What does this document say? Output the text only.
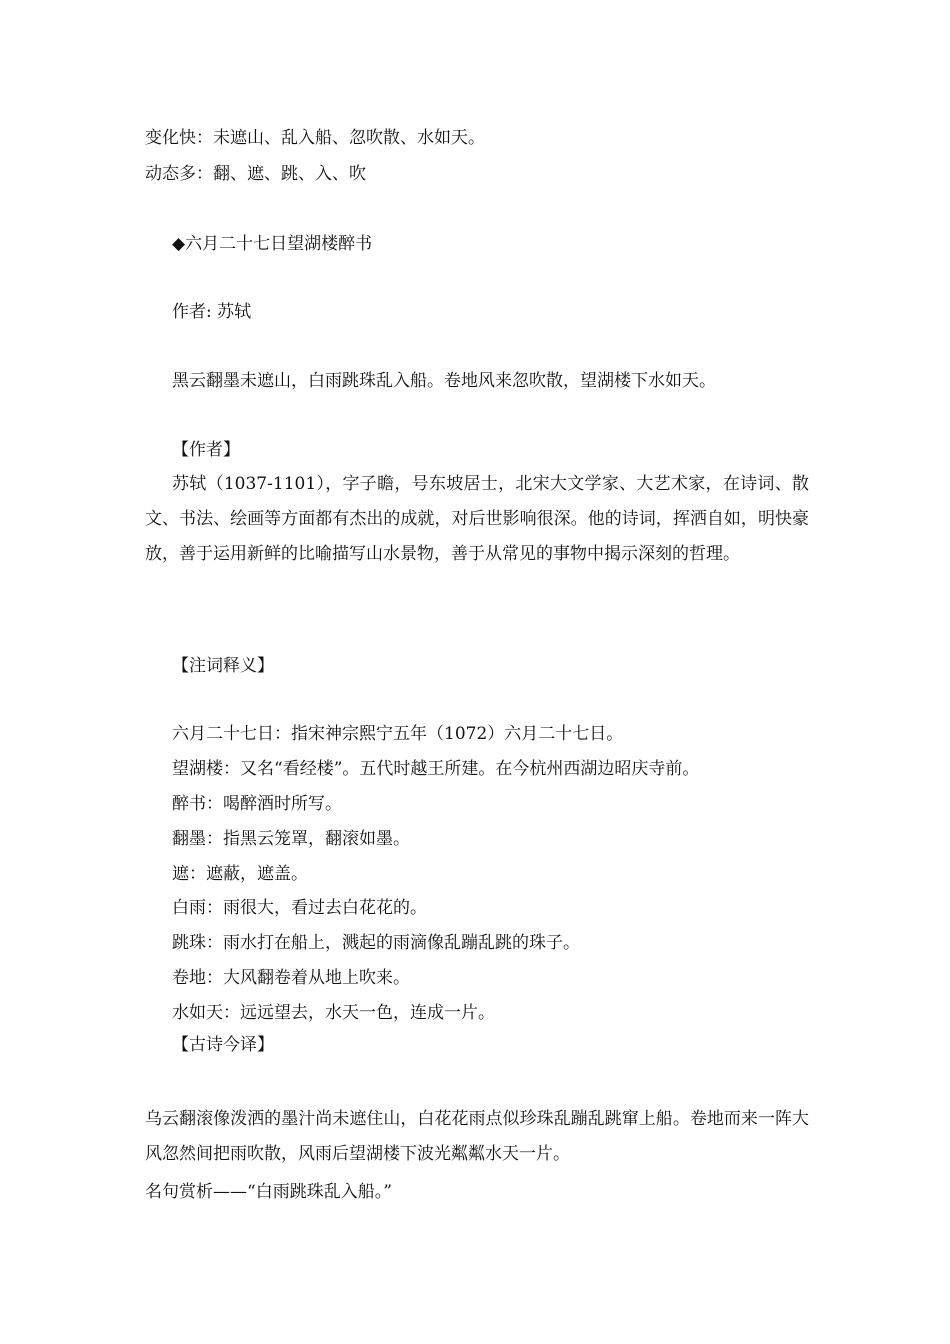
变化快：未遮山、乱入船、忽吹散、水如天。
动态多：翻、遮、跳、入、吹
◆六月二十七日望湖楼醉书
作者: 苏轼
黑云翻墨未遮山，白雨跳珠乱入船。卷地风来忽吹散，望湖楼下水如天。
【作者】
苏轼（1037-1101），字子瞻，号东坡居士，北宋大文学家、大艺术家，在诗词、散文、书法、绘画等方面都有杰出的成就，对后世影响很深。他的诗词，挥洒自如，明快豪放，善于运用新鲜的比喻描写山水景物，善于从常见的事物中揭示深刻的哲理。
【注词释义】
六月二十七日：指宋神宗熙宁五年（1072）六月二十七日。
望湖楼：又名“看经楼”。五代时越王所建。在今杭州西湖边昭庆寺前。
醉书：喝醉酒时所写。
翻墨：指黑云笼罩，翻滚如墨。
遮：遮蔽，遮盖。
白雨：雨很大，看过去白花花的。
跳珠：雨水打在船上，溅起的雨滴像乱蹦乱跳的珠子。
卷地：大风翻卷着从地上吹来。
水如天：远远望去，水天一色，连成一片。
【古诗今译】
乌云翻滚像泼洒的墨汁尚未遮住山，白花花雨点似珍珠乱蹦乱跳窜上船。卷地而来一阵大风忽然间把雨吹散，风雨后望湖楼下波光粼粼水天一片。
名句赏析——“白雨跳珠乱入船。”
